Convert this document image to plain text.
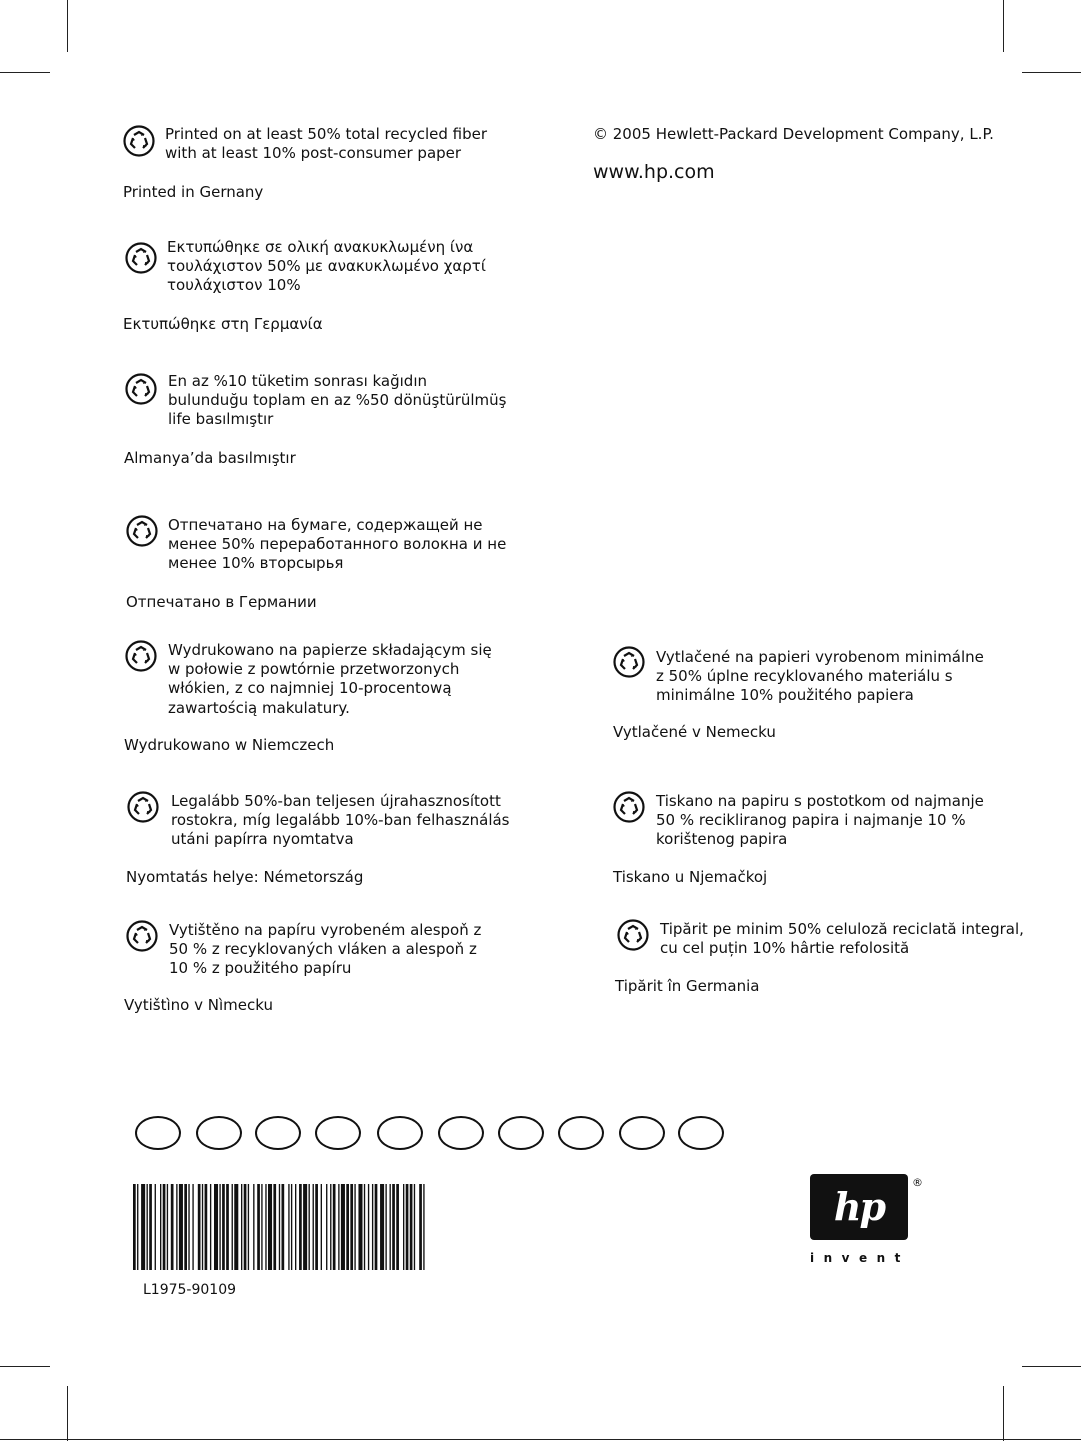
© 2005 Hewlett-Packard Development Company, L.P.
www.hp.com
Printed on at least 50% total recycled fiber
with at least 10% post-consumer paper
Printed in Gernany
Εκτυπώθηκε σε ολική ανακυκλωμένη ίνα
τουλάχιστον 50% με ανακυκλωμένο χαρτί
τουλάχιστον 10%
Εκτυπώθηκε στη Γερμανία
En az %10 tüketim sonrası kağıdın
bulunduğu toplam en az %50 dönüştürülmüş
life basılmıştır
Almanya’da basılmıştır
Отпечатано на бумаге, содержащей не
менее 50% переработанного волокна и не
менее 10% вторсырья
Отпечатано в Германии
Wydrukowano na papierze składającym się
w połowie z powtórnie przetworzonych
włókien, z co najmniej 10-procentową
zawartością makulatury.
Wydrukowano w Niemczech
Legalább 50%-ban teljesen újrahasznosított
rostokra, míg legalább 10%-ban felhasználás
utáni papírra nyomtatva
Nyomtatás helye: Németország
Vytištěno na papíru vyrobeném alespoň z
50 % z recyklovaných vláken a alespoň z
10 % z použitého papíru
Vytištìno v Nìmecku
Vytlačené na papieri vyrobenom minimálne
z 50% úplne recyklovaného materiálu s
minimálne 10% použitého papiera
Vytlačené v Nemecku
Tiskano na papiru s postotkom od najmanje
50 % recikliranog papira i najmanje 10 %
korištenog papira
Tiskano u Njemačkoj
Tipărit pe minim 50% celuloză reciclată integral,
cu cel puțin 10% hârtie refolosită
Tipărit în Germania
L1975-90109
hp
®
invent
